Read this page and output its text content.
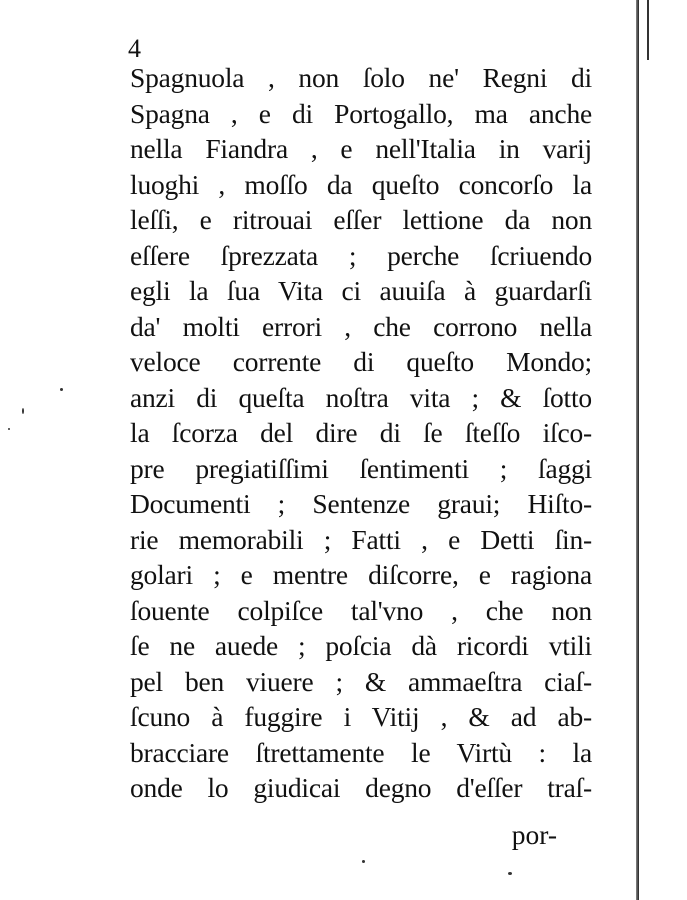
4
Spagnuola , non ſolo ne' Regni di
Spagna , e di Portogallo, ma anche
nella Fiandra , e nell'Italia in varij
luoghi , moſſo da queſto concorſo la
leſſi, e ritrouai eſſer lettione da non
eſſere ſprezzata ; perche ſcriuendo
egli la ſua Vita ci auuiſa à guardarſi
da' molti errori , che corrono nella
veloce corrente di queſto Mondo;
anzi di queſta noſtra vita ; & ſotto
la ſcorza del dire di ſe ſteſſo iſco-
pre pregiatiſſimi ſentimenti ; ſaggi
Documenti ; Sentenze graui; Hiſto-
rie memorabili ; Fatti , e Detti ſin-
golari ; e mentre diſcorre, e ragiona
ſouente colpiſce tal'vno , che non
ſe ne auede ; poſcia dà ricordi vtili
pel ben viuere ; & ammaeſtra ciaſ-
ſcuno à fuggire i Vitij , & ad ab-
bracciare ſtrettamente le Virtù : la
onde lo giudicai degno d'eſſer traſ-
por-
